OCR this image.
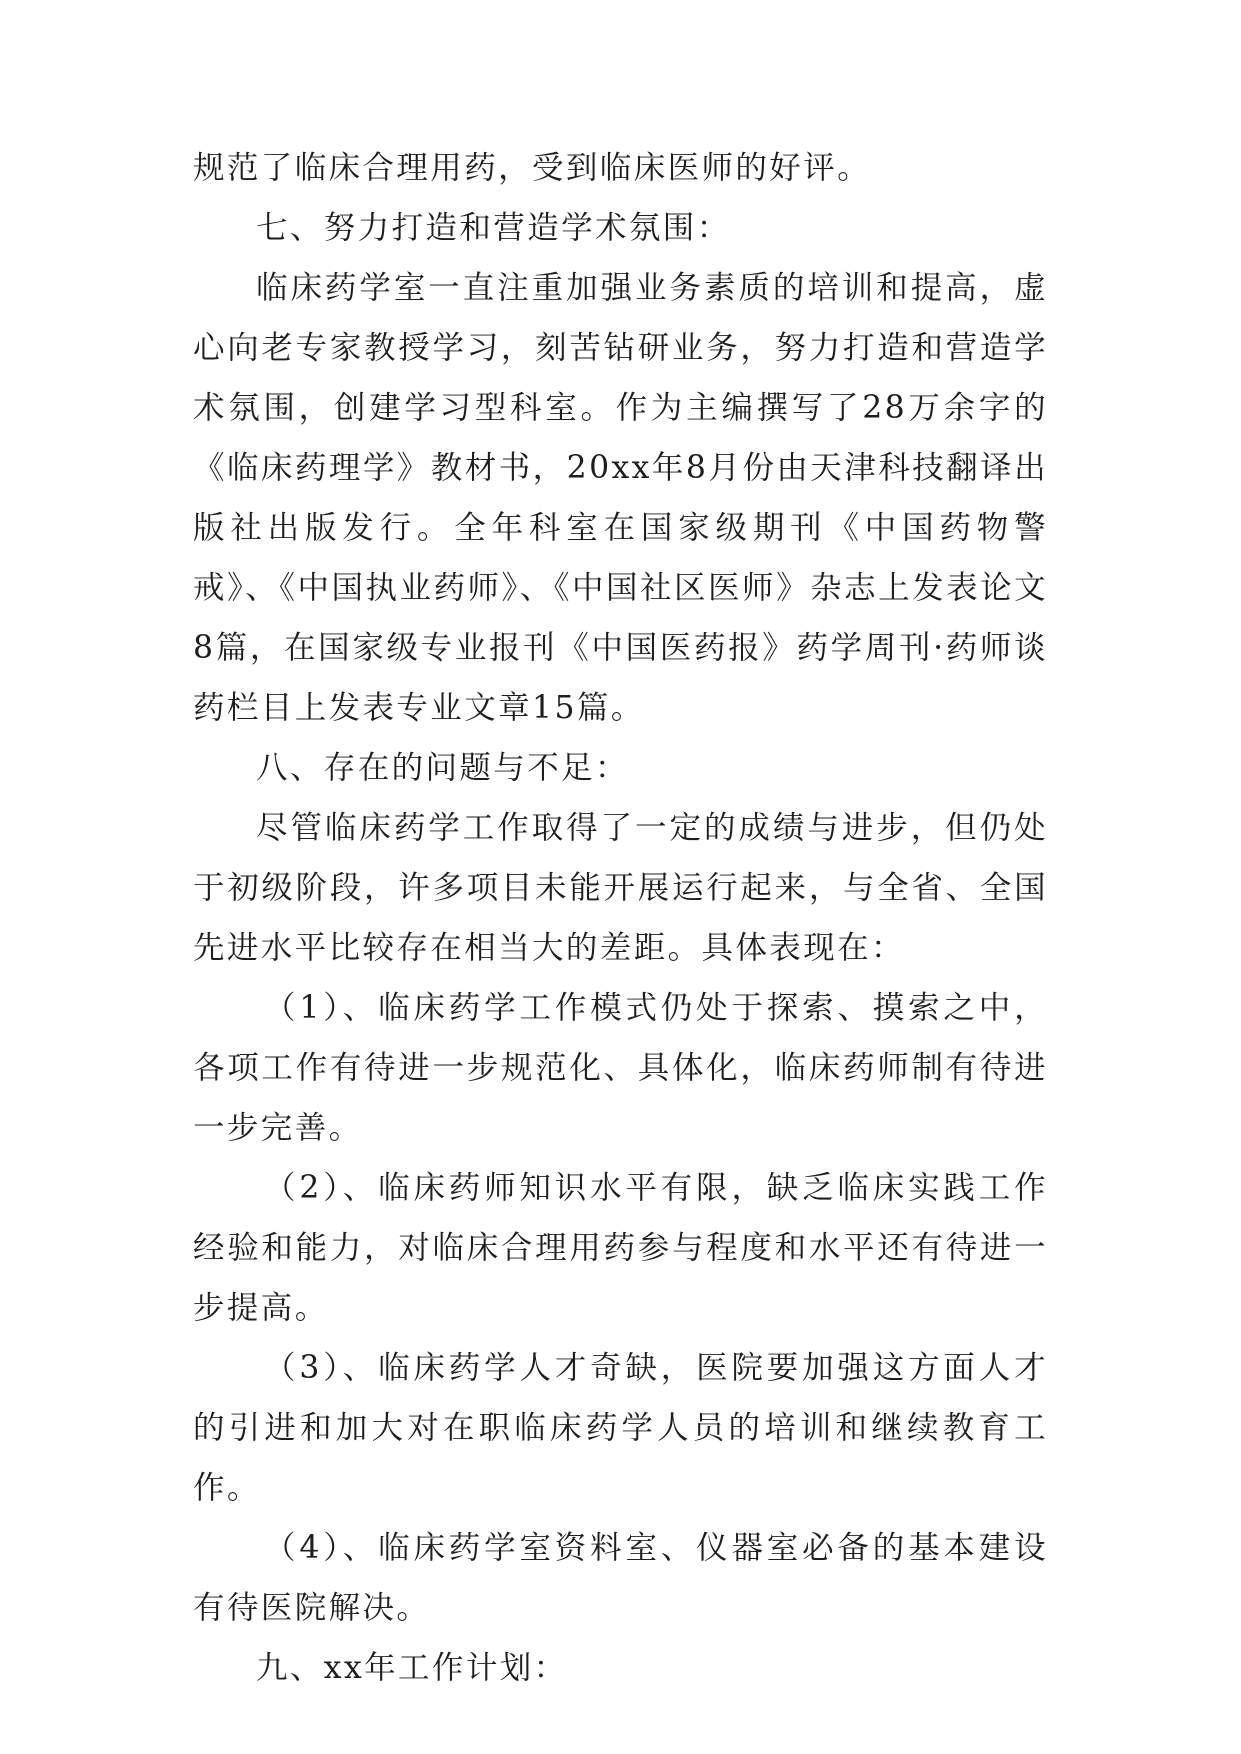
规范了临床合理用药，受到临床医师的好评。

七、努力打造和营造学术氛围：

临床药学室一直注重加强业务素质的培训和提高，虚心向老专家教授学习，刻苦钻研业务，努力打造和营造学术氛围，创建学习型科室。作为主编撰写了28万余字的《临床药理学》教材书，20xx年8月份由天津科技翻译出版社出版发行。全年科室在国家级期刊《中国药物警戒》、《中国执业药师》、《中国社区医师》杂志上发表论文8篇，在国家级专业报刊《中国医药报》药学周刊·药师谈药栏目上发表专业文章15篇。

八、存在的问题与不足：

尽管临床药学工作取得了一定的成绩与进步，但仍处于初级阶段，许多项目未能开展运行起来，与全省、全国先进水平比较存在相当大的差距。具体表现在：

（1）、临床药学工作模式仍处于探索、摸索之中，各项工作有待进一步规范化、具体化，临床药师制有待进一步完善。

（2）、临床药师知识水平有限，缺乏临床实践工作经验和能力，对临床合理用药参与程度和水平还有待进一步提高。

（3）、临床药学人才奇缺，医院要加强这方面人才的引进和加大对在职临床药学人员的培训和继续教育工作。

（4）、临床药学室资料室、仪器室必备的基本建设有待医院解决。

九、xx年工作计划：
